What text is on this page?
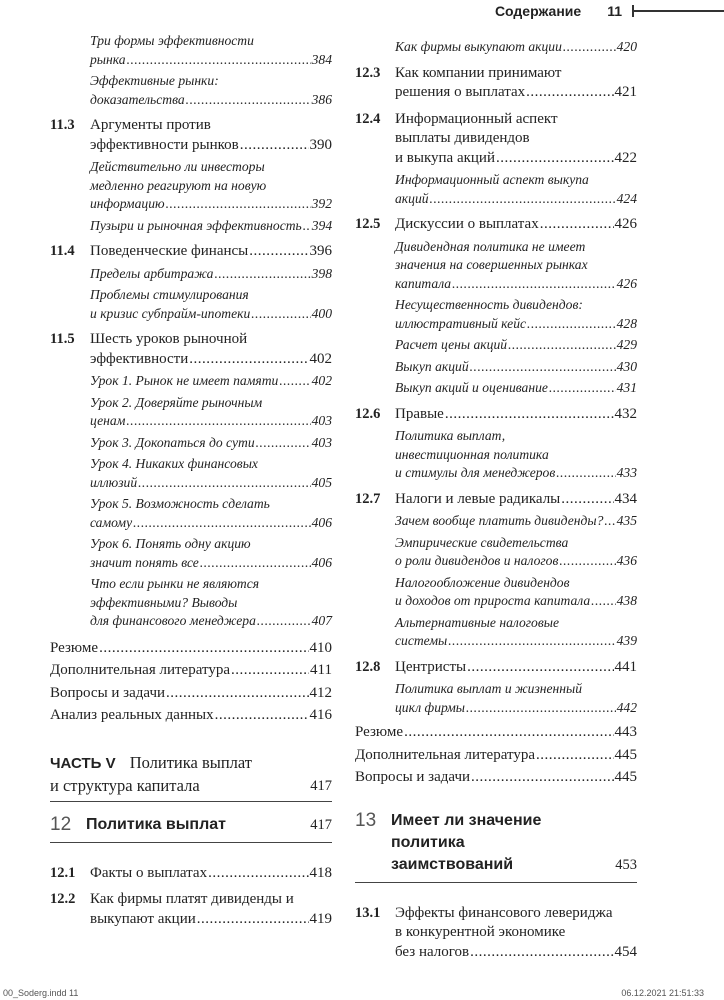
Содержание 11
Три формы эффективности
рынка .....	384
Эффективные рынки:
доказательства .....	386
11.3 Аргументы против
эффективности рынков .....	390
Действительно ли инвесторы
медленно реагируют на новую
информацию .....	392
Пузыри и рыночная эффективность ..... 394
11.4 Поведенческие финансы .....	396
Пределы арбитража .....	398
Проблемы стимулирования
и кризис субпрайм-ипотеки .....	400
11.5 Шесть уроков рыночной
эффективности .....	402
Урок 1. Рынок не имеет памяти ..... 402
Урок 2. Доверяйте рыночным
ценам .....	403
Урок 3. Докопаться до сути .....	403
Урок 4. Никаких финансовых
иллюзий .....	405
Урок 5. Возможность сделать
самому .....	406
Урок 6. Понять одну акцию
значит понять все .....	406
Что если рынки не являются
эффективными? Выводы
для финансового менеджера .....	407
Резюме .....	410
Дополнительная литература .....	411
Вопросы и задачи .....	412
Анализ реальных данных .....	416
ЧАСТЬ V Политика выплат
и структура капитала	417
12 Политика выплат	417
12.1 Факты о выплатах .....	418
12.2 Как фирмы платят дивиденды и
выкупают акции .....	419
Как фирмы выкупают акции .....	420
12.3 Как компании принимают
решения о выплатах .....	421
12.4 Информационный аспект
выплаты дивидендов
и выкупа акций .....	422
Информационный аспект выкупа
акций .....	424
12.5 Дискуссии о выплатах .....	426
Дивидендная политика не имеет
значения на совершенных рынках
капитала .....	426
Несущественность дивидендов:
иллюстративный кейс .....	428
Расчет цены акций .....	429
Выкуп акций .....	430
Выкуп акций и оценивание .....	431
12.6 Правые .....	432
Политика выплат,
инвестиционная политика
и стимулы для менеджеров .....	433
12.7 Налоги и левые радикалы .....	434
Зачем вообще платить дивиденды? ..... 435
Эмпирические свидетельства
о роли дивидендов и налогов .....	436
Налогообложение дивидендов
и доходов от прироста капитала ..... 438
Альтернативные налоговые
системы .....	439
12.8 Центристы .....	441
Политика выплат и жизненный
цикл фирмы .....	442
Резюме .....	443
Дополнительная литература .....	445
Вопросы и задачи .....	445
13 Имеет ли значение политика
заимствований	453
13.1 Эффекты финансового левериджа
в конкурентной экономике
без налогов .....	454
00_Soderg.indd 11	06.12.2021 21:51:33
